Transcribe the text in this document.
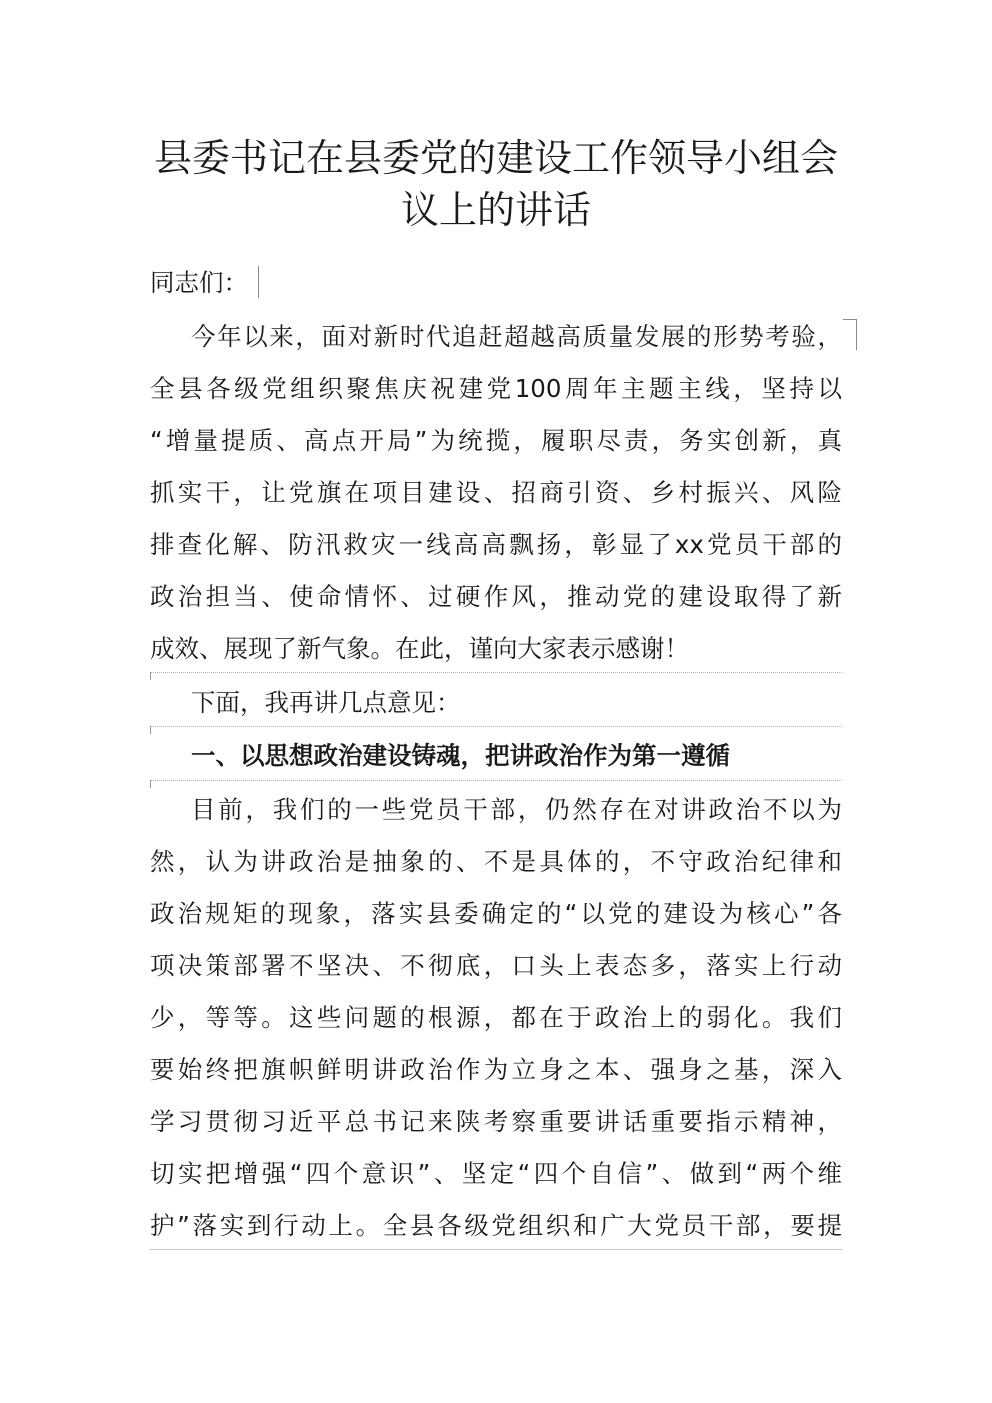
县委书记在县委党的建设工作领导小组会
议上的讲话
同志们：
今年以来，面对新时代追赶超越高质量发展的形势考验，
全县各级党组织聚焦庆祝建党100周年主题主线，坚持以
“增量提质、高点开局”为统揽，履职尽责，务实创新，真
抓实干，让党旗在项目建设、招商引资、乡村振兴、风险
排查化解、防汛救灾一线高高飘扬，彰显了xx党员干部的
政治担当、使命情怀、过硬作风，推动党的建设取得了新
成效、展现了新气象。在此，谨向大家表示感谢！
下面，我再讲几点意见：
一、以思想政治建设铸魂，把讲政治作为第一遵循
目前，我们的一些党员干部，仍然存在对讲政治不以为
然，认为讲政治是抽象的、不是具体的，不守政治纪律和
政治规矩的现象，落实县委确定的“以党的建设为核心”各
项决策部署不坚决、不彻底，口头上表态多，落实上行动
少，等等。这些问题的根源，都在于政治上的弱化。我们
要始终把旗帜鲜明讲政治作为立身之本、强身之基，深入
学习贯彻习近平总书记来陕考察重要讲话重要指示精神，
切实把增强“四个意识”、坚定“四个自信”、做到“两个维
护”落实到行动上。全县各级党组织和广大党员干部，要提
